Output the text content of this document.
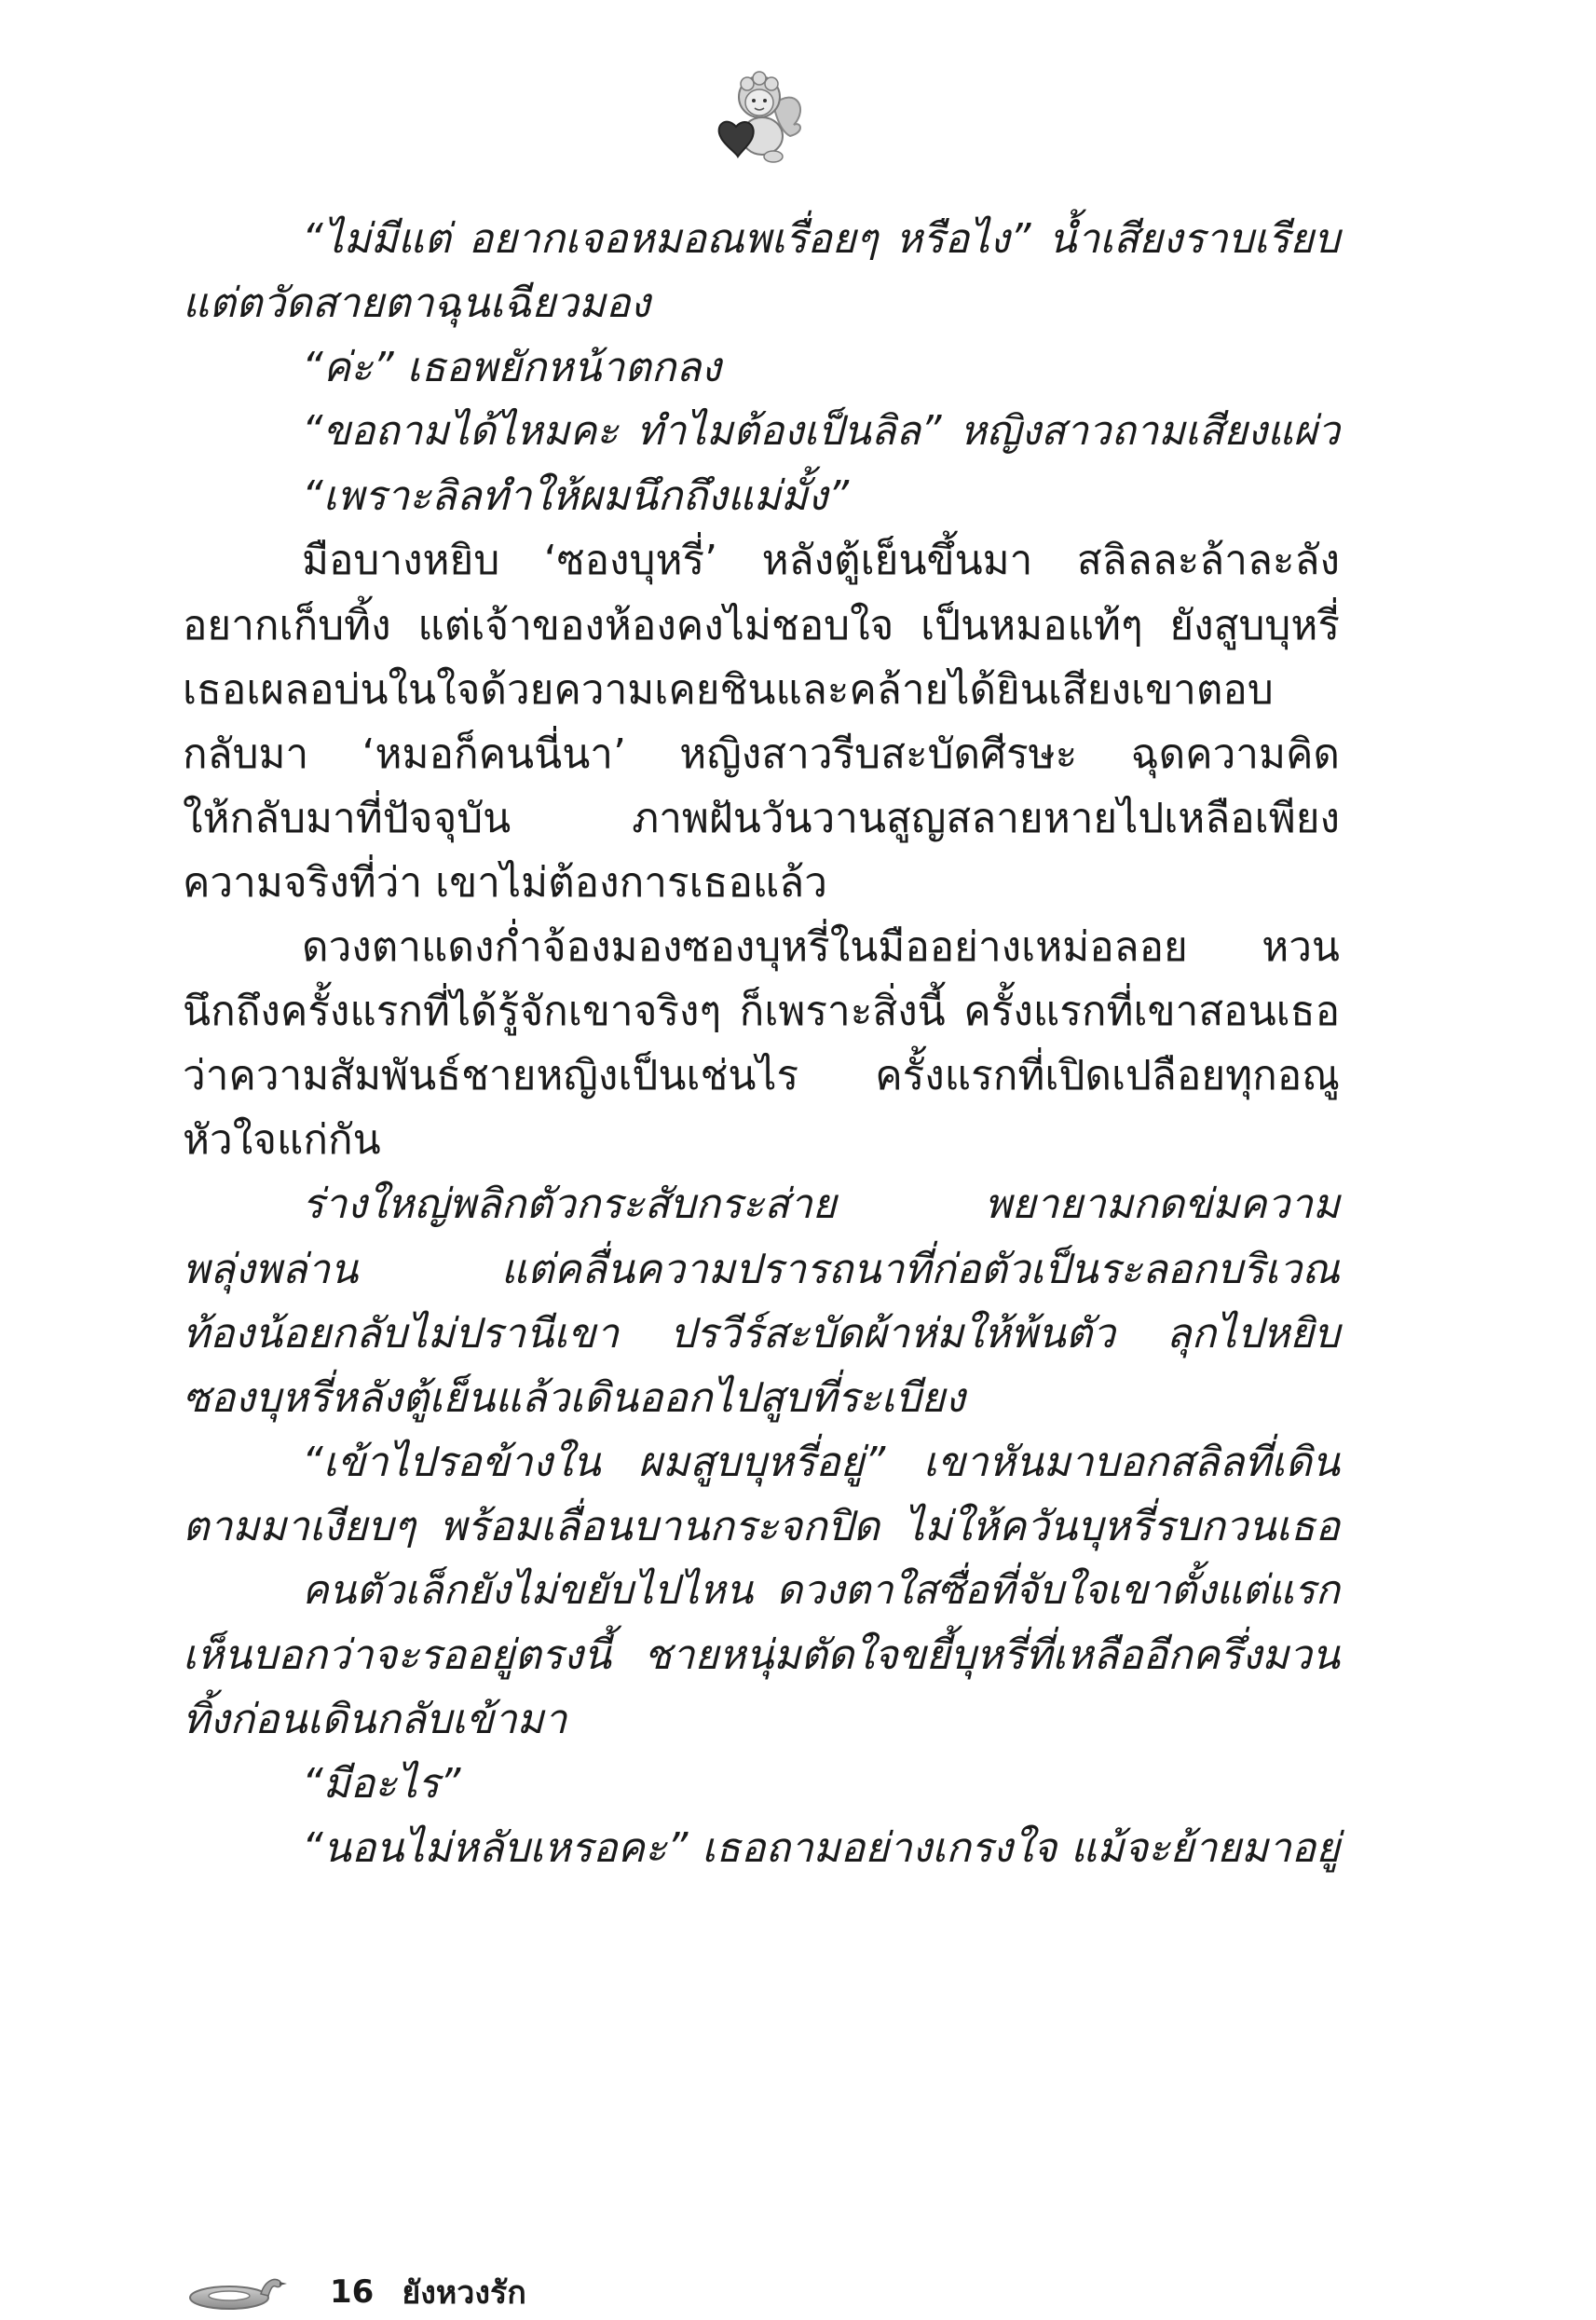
“ไม่มีแต่ อยากเจอหมอณพเรื่อยๆ หรือไง” น้ำเสียงราบเรียบ
แต่ตวัดสายตาฉุนเฉียวมอง
“ค่ะ” เธอพยักหน้าตกลง
“ขอถามได้ไหมคะ ทำไมต้องเป็นลิล” หญิงสาวถามเสียงแผ่ว
“เพราะลิลทำให้ผมนึกถึงแม่มั้ง”
มือบางหยิบ ‘ซองบุหรี่’ หลังตู้เย็นขึ้นมา สลิลละล้าละลัง
อยากเก็บทิ้ง แต่เจ้าของห้องคงไม่ชอบใจ เป็นหมอแท้ๆ ยังสูบบุหรี่
เธอเผลอบ่นในใจด้วยความเคยชินและคล้ายได้ยินเสียงเขาตอบ
กลับมา ‘หมอก็คนนี่นา’ หญิงสาวรีบสะบัดศีรษะ ฉุดความคิด
ให้กลับมาที่ปัจจุบัน ภาพฝันวันวานสูญสลายหายไปเหลือเพียง
ความจริงที่ว่า เขาไม่ต้องการเธอแล้ว
ดวงตาแดงก่ำจ้องมองซองบุหรี่ในมืออย่างเหม่อลอย หวน
นึกถึงครั้งแรกที่ได้รู้จักเขาจริงๆ ก็เพราะสิ่งนี้ ครั้งแรกที่เขาสอนเธอ
ว่าความสัมพันธ์ชายหญิงเป็นเช่นไร ครั้งแรกที่เปิดเปลือยทุกอณู
หัวใจแก่กัน
ร่างใหญ่พลิกตัวกระสับกระส่าย พยายามกดข่มความ
พลุ่งพล่าน แต่คลื่นความปรารถนาที่ก่อตัวเป็นระลอกบริเวณ
ท้องน้อยกลับไม่ปรานีเขา ปรวีร์สะบัดผ้าห่มให้พ้นตัว ลุกไปหยิบ
ซองบุหรี่หลังตู้เย็นแล้วเดินออกไปสูบที่ระเบียง
“เข้าไปรอข้างใน ผมสูบบุหรี่อยู่” เขาหันมาบอกสลิลที่เดิน
ตามมาเงียบๆ พร้อมเลื่อนบานกระจกปิด ไม่ให้ควันบุหรี่รบกวนเธอ
คนตัวเล็กยังไม่ขยับไปไหน ดวงตาใสซื่อที่จับใจเขาตั้งแต่แรก
เห็นบอกว่าจะรออยู่ตรงนี้ ชายหนุ่มตัดใจขยี้บุหรี่ที่เหลืออีกครึ่งมวน
ทิ้งก่อนเดินกลับเข้ามา
“มีอะไร”
“นอนไม่หลับเหรอคะ” เธอถามอย่างเกรงใจ แม้จะย้ายมาอยู่
16 ยังหวงรัก
